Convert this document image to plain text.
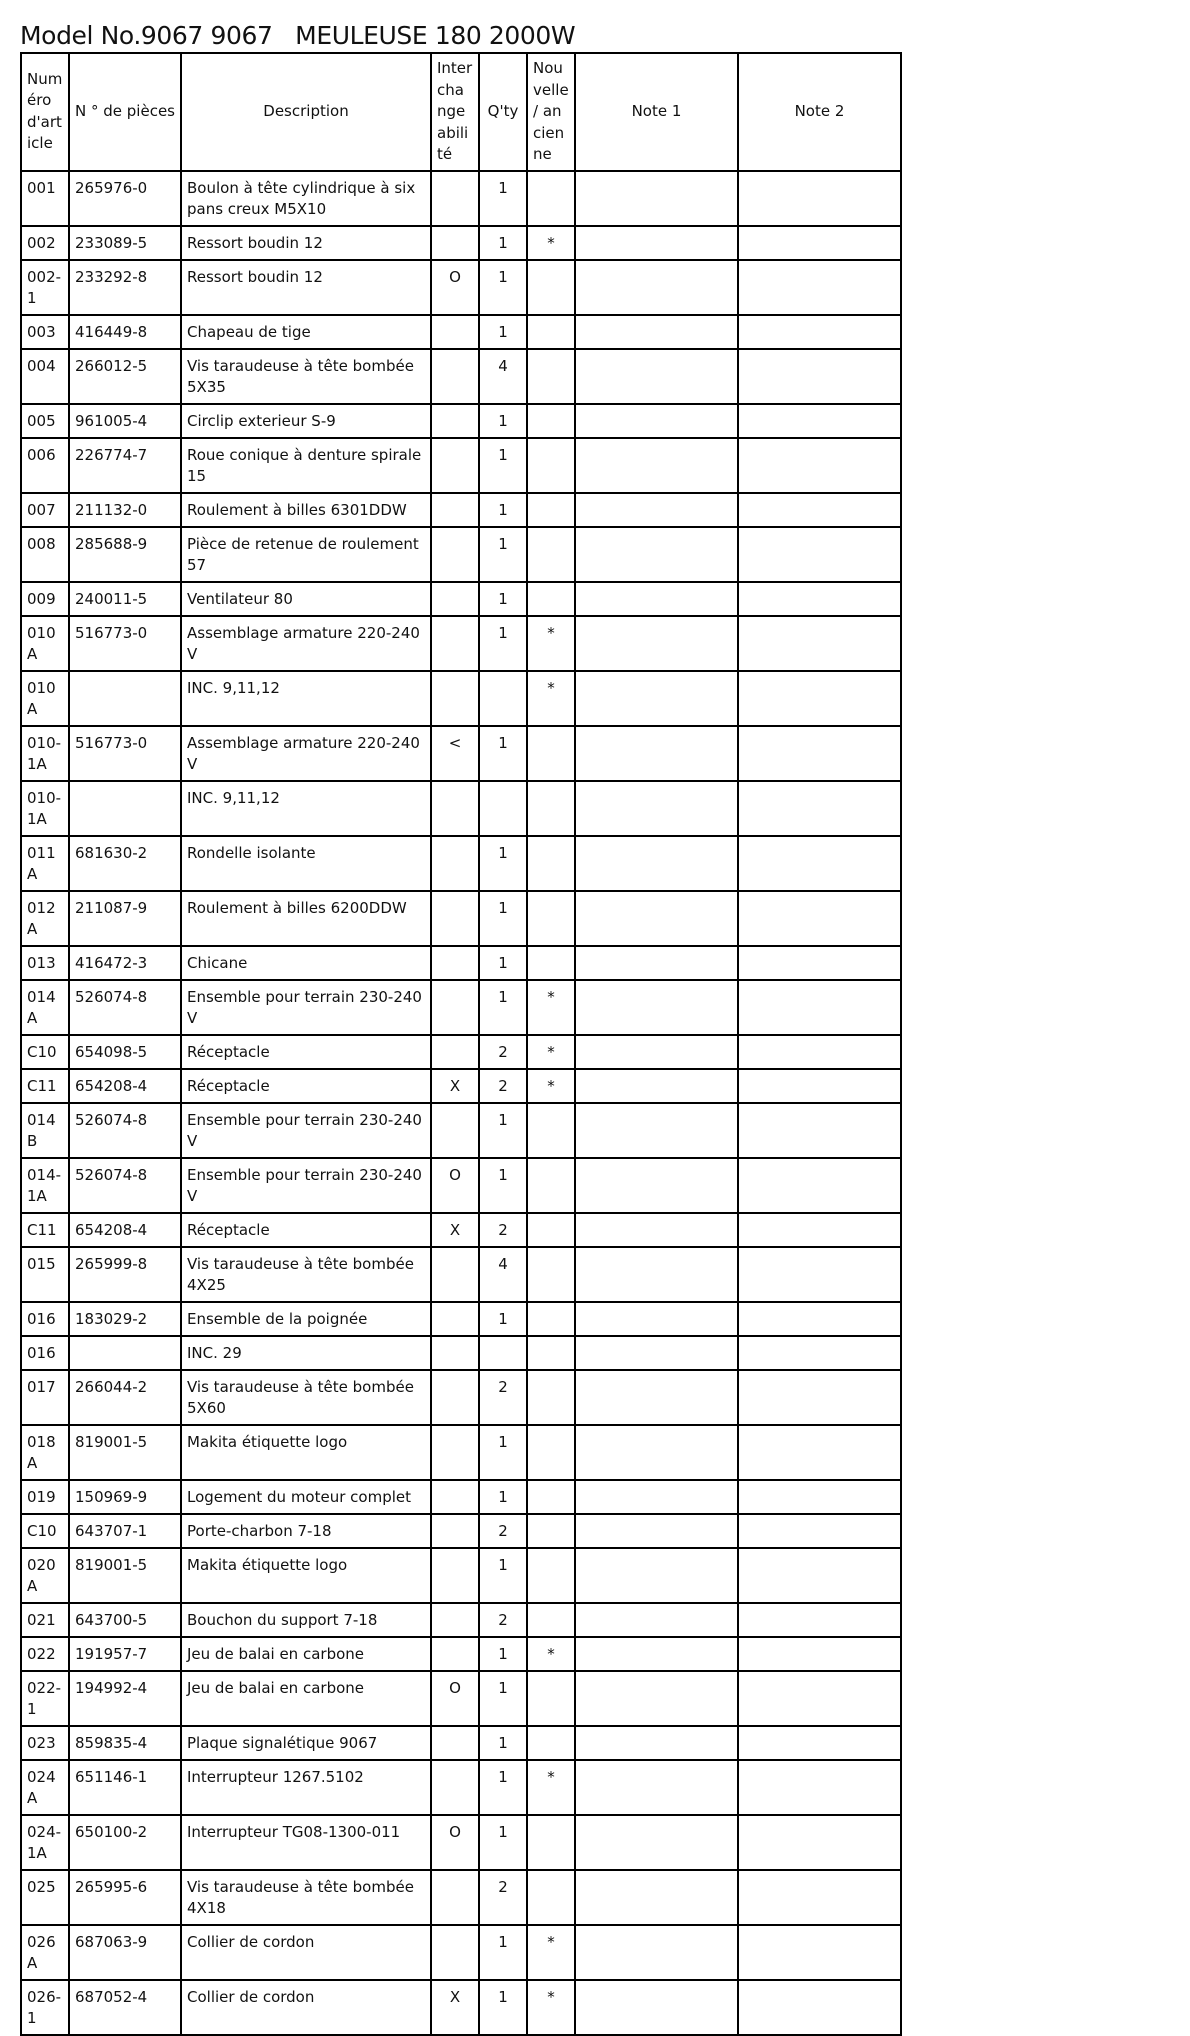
Model No.9067 9067   MEULEUSE 180 2000W
Numéro d'article	N ° de pièces	Description	Interchangeabilité	Q'ty	Nouvelle / ancienne	Note 1	Note 2
001	265976-0	Boulon à tête cylindrique à six pans creux M5X10		1			
002	233089-5	Ressort boudin 12		1	*		
002-1	233292-8	Ressort boudin 12	O	1			
003	416449-8	Chapeau de tige		1			
004	266012-5	Vis taraudeuse à tête bombée 5X35		4			
005	961005-4	Circlip exterieur S-9		1			
006	226774-7	Roue conique à denture spirale 15		1			
007	211132-0	Roulement à billes 6301DDW		1			
008	285688-9	Pièce de retenue de roulement 57		1			
009	240011-5	Ventilateur 80		1			
010A	516773-0	Assemblage armature 220-240V		1	*		
010A		INC. 9,11,12			*		
010-1A	516773-0	Assemblage armature 220-240V	<	1			
010-1A		INC. 9,11,12					
011A	681630-2	Rondelle isolante		1			
012A	211087-9	Roulement à billes 6200DDW		1			
013	416472-3	Chicane		1			
014A	526074-8	Ensemble pour terrain 230-240V		1	*		
C10	654098-5	Réceptacle		2	*		
C11	654208-4	Réceptacle	X	2	*		
014B	526074-8	Ensemble pour terrain 230-240V		1			
014-1A	526074-8	Ensemble pour terrain 230-240V	O	1			
C11	654208-4	Réceptacle	X	2			
015	265999-8	Vis taraudeuse à tête bombée 4X25		4			
016	183029-2	Ensemble de la poignée		1			
016		INC. 29					
017	266044-2	Vis taraudeuse à tête bombée 5X60		2			
018A	819001-5	Makita étiquette logo		1			
019	150969-9	Logement du moteur complet		1			
C10	643707-1	Porte-charbon 7-18		2			
020A	819001-5	Makita étiquette logo		1			
021	643700-5	Bouchon du support 7-18		2			
022	191957-7	Jeu de balai en carbone		1	*		
022-1	194992-4	Jeu de balai en carbone	O	1			
023	859835-4	Plaque signalétique 9067		1			
024A	651146-1	Interrupteur 1267.5102		1	*		
024-1A	650100-2	Interrupteur TG08-1300-011	O	1			
025	265995-6	Vis taraudeuse à tête bombée 4X18		2			
026A	687063-9	Collier de cordon		1	*		
026-1	687052-4	Collier de cordon	X	1	*		
